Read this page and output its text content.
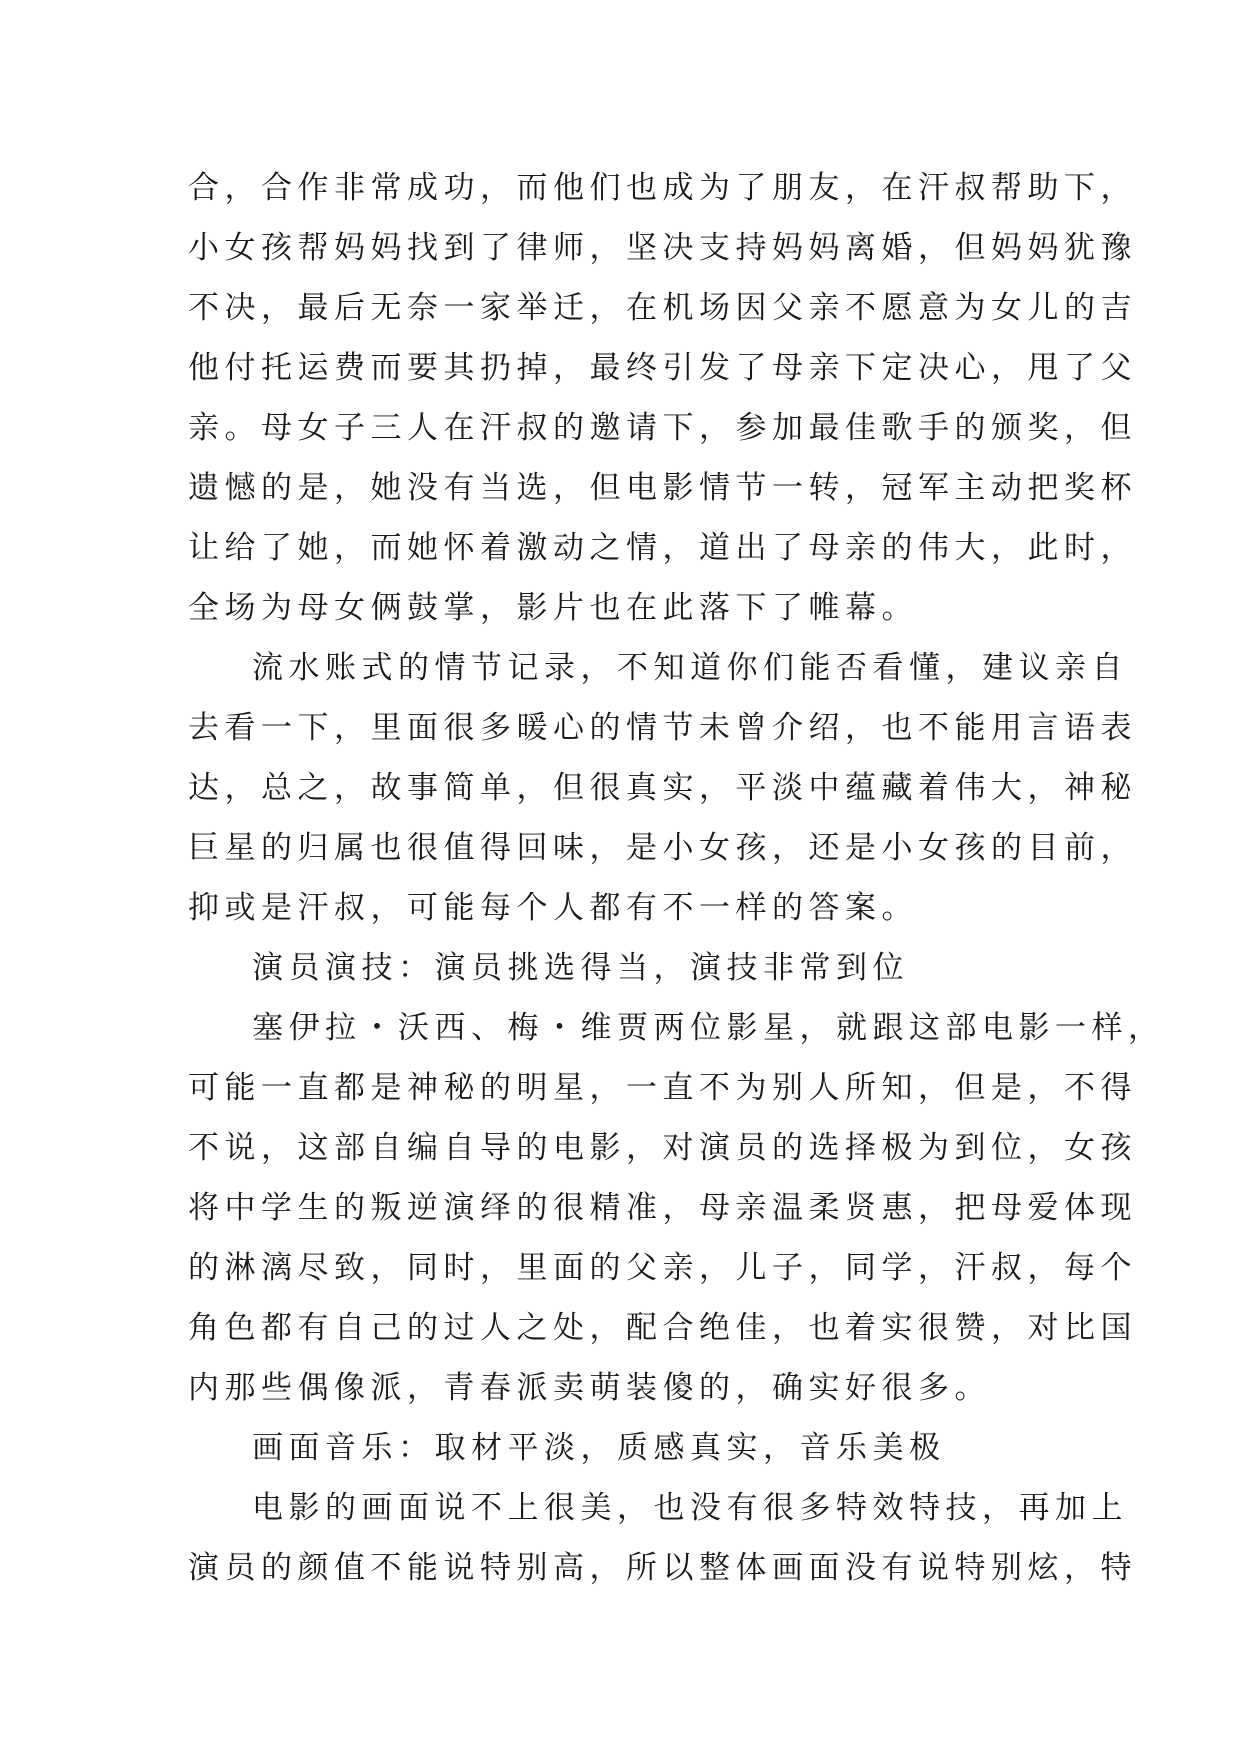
合，合作非常成功，而他们也成为了朋友，在汗叔帮助下，
小女孩帮妈妈找到了律师，坚决支持妈妈离婚，但妈妈犹豫
不决，最后无奈一家举迁，在机场因父亲不愿意为女儿的吉
他付托运费而要其扔掉，最终引发了母亲下定决心，甩了父
亲。母女子三人在汗叔的邀请下，参加最佳歌手的颁奖，但
遗憾的是，她没有当选，但电影情节一转，冠军主动把奖杯
让给了她，而她怀着激动之情，道出了母亲的伟大，此时，
全场为母女俩鼓掌，影片也在此落下了帷幕。
流水账式的情节记录，不知道你们能否看懂，建议亲自
去看一下，里面很多暖心的情节未曾介绍，也不能用言语表
达，总之，故事简单，但很真实，平淡中蕴藏着伟大，神秘
巨星的归属也很值得回味，是小女孩，还是小女孩的目前，
抑或是汗叔，可能每个人都有不一样的答案。
演员演技：演员挑选得当，演技非常到位
塞伊拉・沃西、梅・维贾两位影星，就跟这部电影一样，
可能一直都是神秘的明星，一直不为别人所知，但是，不得
不说，这部自编自导的电影，对演员的选择极为到位，女孩
将中学生的叛逆演绎的很精准，母亲温柔贤惠，把母爱体现
的淋漓尽致，同时，里面的父亲，儿子，同学，汗叔，每个
角色都有自己的过人之处，配合绝佳，也着实很赞，对比国
内那些偶像派，青春派卖萌装傻的，确实好很多。
画面音乐：取材平淡，质感真实，音乐美极
电影的画面说不上很美，也没有很多特效特技，再加上
演员的颜值不能说特别高，所以整体画面没有说特别炫，特
